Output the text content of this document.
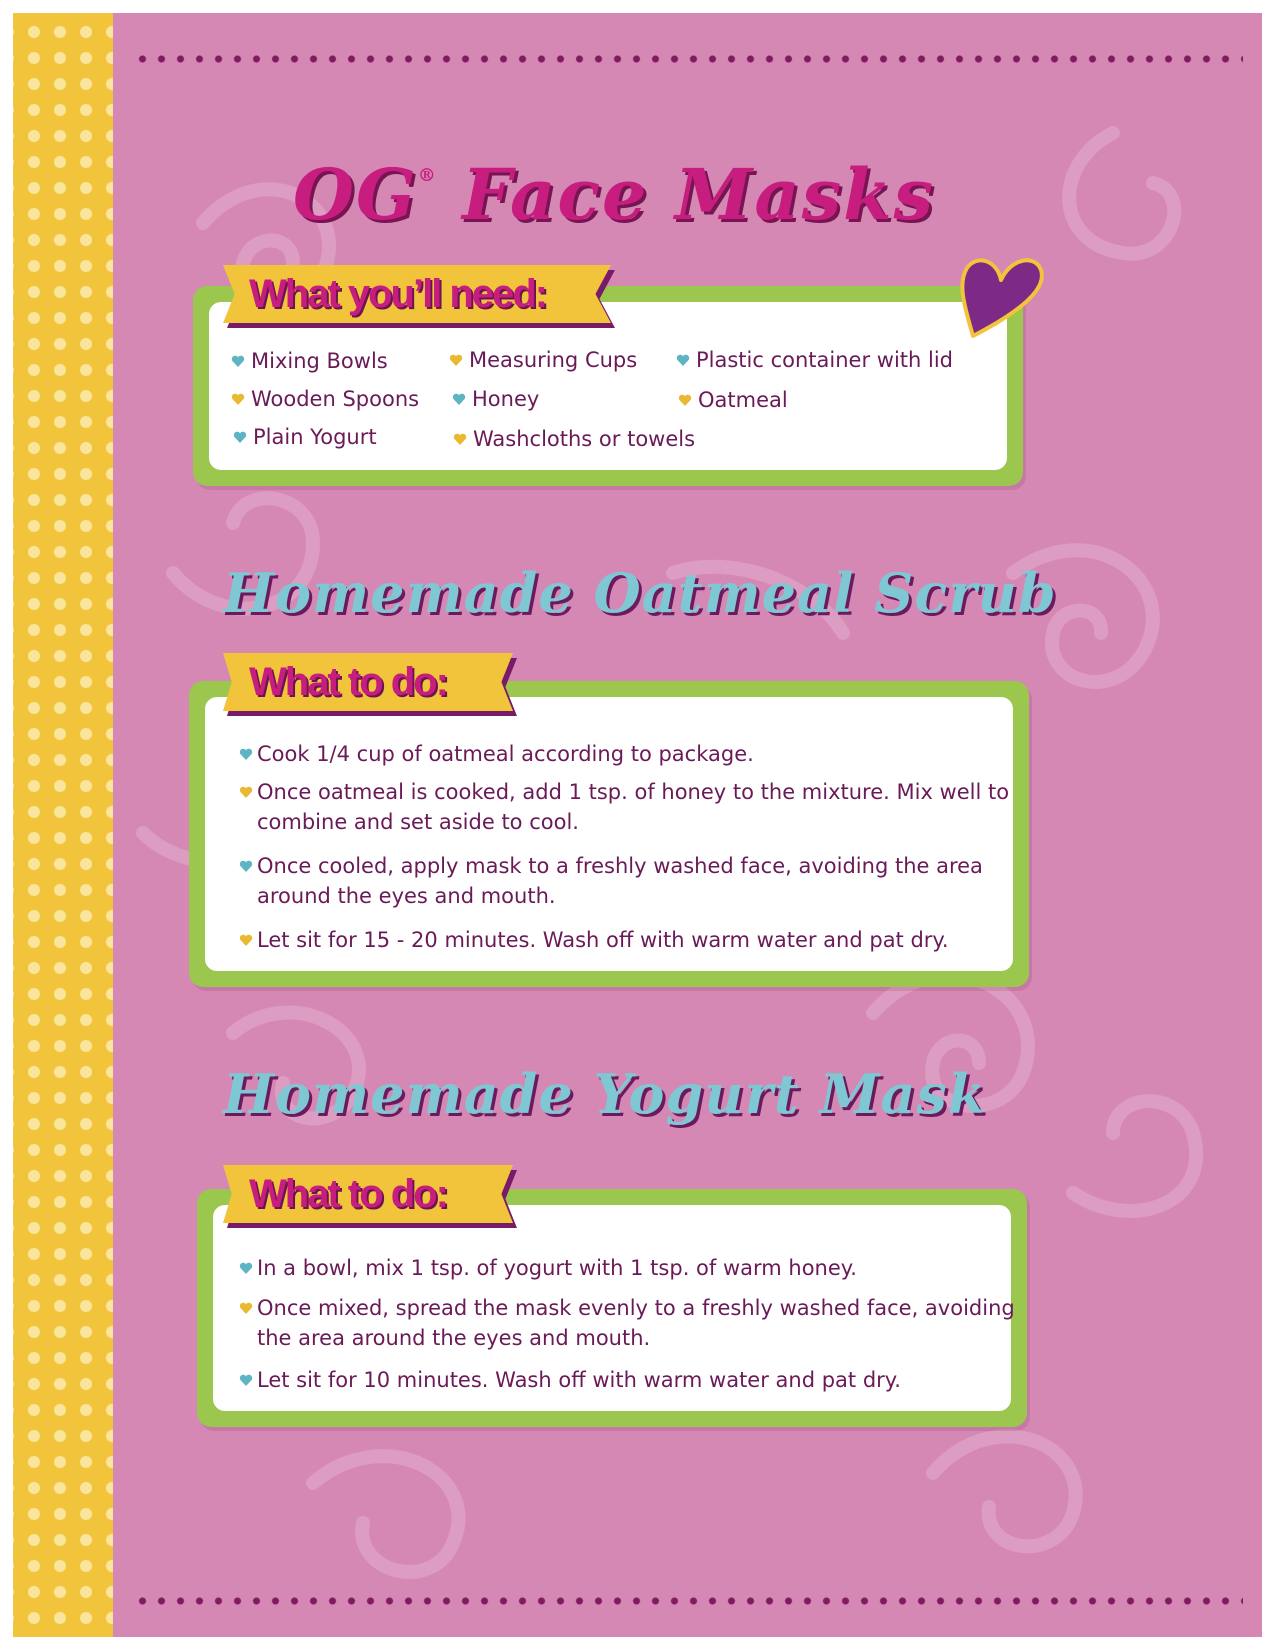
OG® Face Masks
What you’ll need:
Mixing Bowls	Measuring Cups	Plastic container with lid
Wooden Spoons	Honey	Oatmeal
Plain Yogurt	Washcloths or towels
Homemade Oatmeal Scrub
What to do:
Cook 1/4 cup of oatmeal according to package.
Once oatmeal is cooked, add 1 tsp. of honey to the mixture. Mix well to combine and set aside to cool.
Once cooled, apply mask to a freshly washed face, avoiding the area around the eyes and mouth.
Let sit for 15 - 20 minutes. Wash off with warm water and pat dry.
Homemade Yogurt Mask
What to do:
In a bowl, mix 1 tsp. of yogurt with 1 tsp. of warm honey.
Once mixed, spread the mask evenly to a freshly washed face, avoiding the area around the eyes and mouth.
Let sit for 10 minutes. Wash off with warm water and pat dry.
